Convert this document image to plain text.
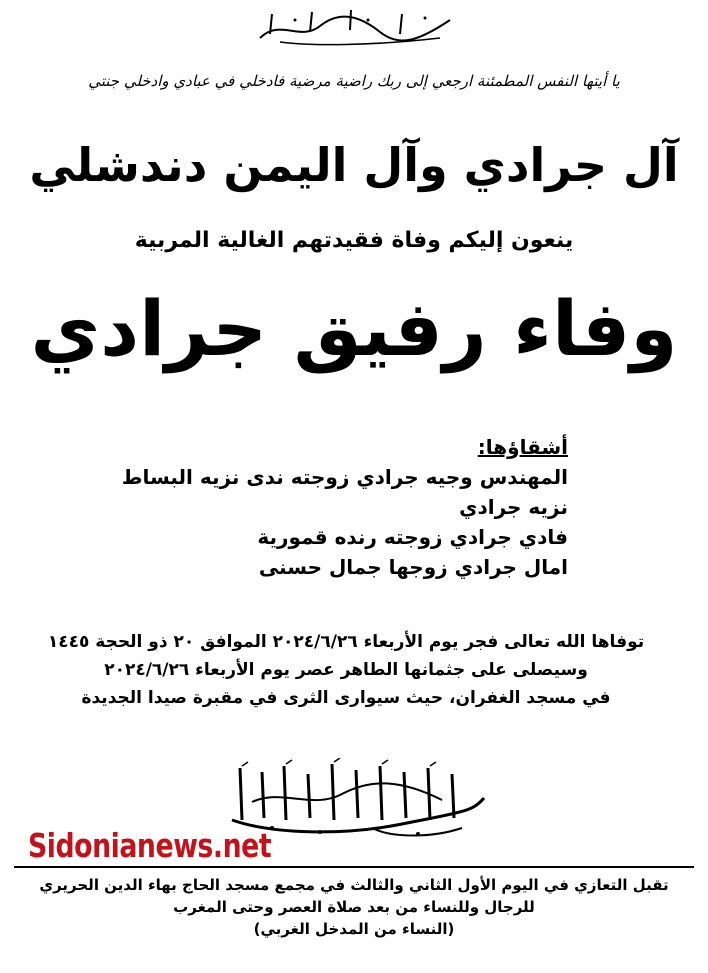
يا أيتها النفس المطمئنة ارجعي إلى ربك راضية مرضية فادخلي في عبادي وادخلي جنتي
آل جرادي وآل اليمن دندشلي
ينعون إليكم وفاة فقيدتهم الغالية المربية
وفاء رفيق جرادي
أشقاؤها:
المهندس وجيه جرادي زوجته ندى نزيه البساط
نزيه جرادي
فادي جرادي زوجته رنده قمورية
امال جرادي زوجها جمال حسنى
توفاها الله تعالى فجر يوم الأربعاء ٢٠٢٤/٦/٢٦ الموافق ٢٠ ذو الحجة ١٤٤٥
وسيصلى على جثمانها الطاهر عصر يوم الأربعاء ٢٠٢٤/٦/٢٦
في مسجد الغفران، حيث سيوارى الثرى في مقبرة صيدا الجديدة
Sidonianews.net
تقبل التعازي في اليوم الأول الثاني والثالث في مجمع مسجد الحاج بهاء الدين الحريري
للرجال وللنساء من بعد صلاة العصر وحتى المغرب
(النساء من المدخل الغربي)
